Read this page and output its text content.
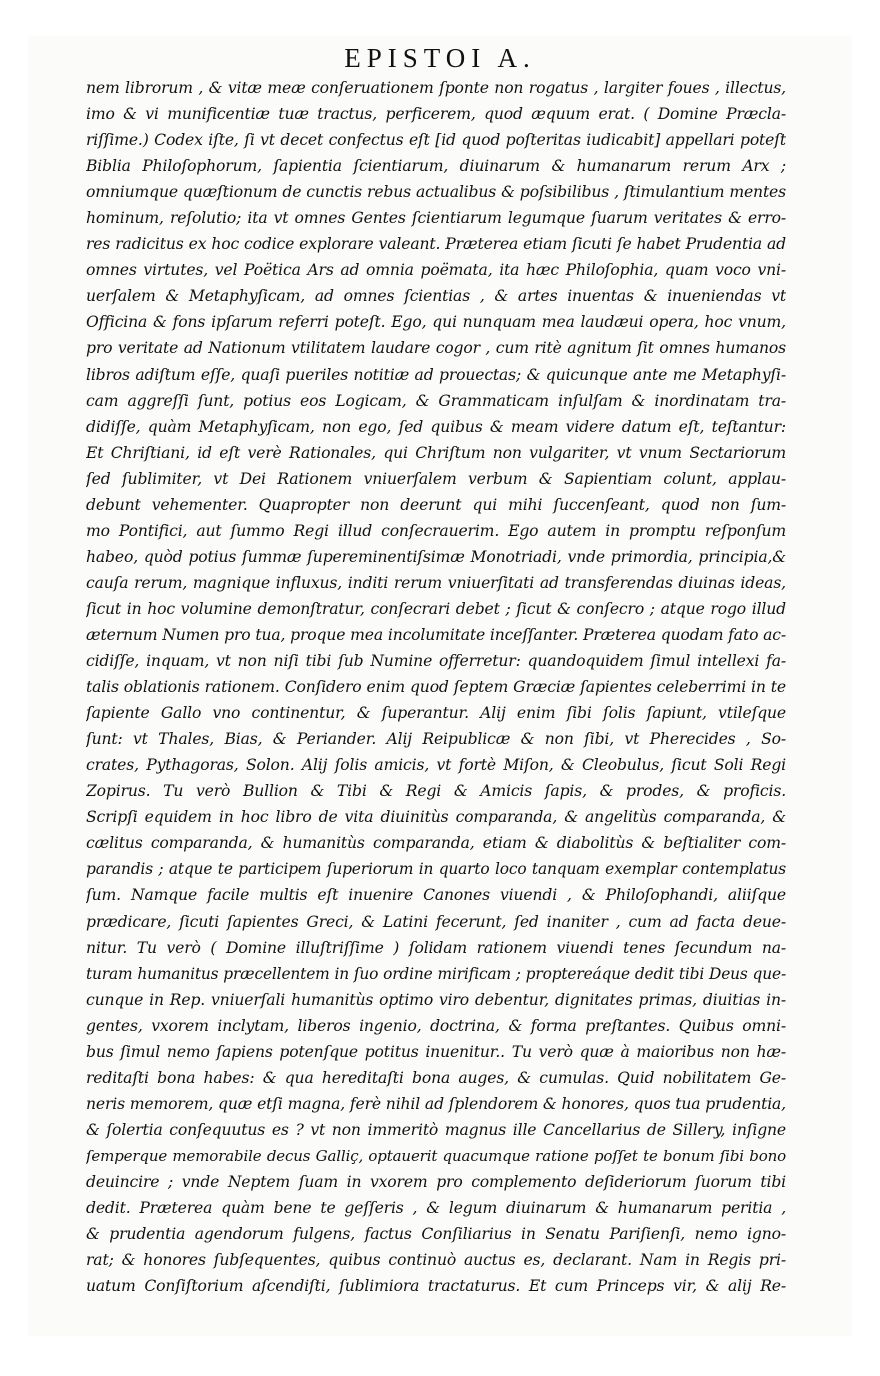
EPISTOI A.
nem librorum , & vitæ meæ conſeruationem ſponte non rogatus , largiter foues , illectus,
imo & vi munificentiæ tuæ tractus, perficerem, quod æquum erat. ( Domine Præcla-
riſſime.) Codex iſte, ſi vt decet confectus eſt [id quod poſteritas iudicabit] appellari poteſt
Biblia Philoſophorum, ſapientia ſcientiarum, diuinarum & humanarum rerum Arx ;
omniumque quæſtionum de cunctis rebus actualibus & poſsibilibus , ſtimulantium mentes
hominum, reſolutio; ita vt omnes Gentes ſcientiarum legumque ſuarum veritates & erro-
res radicitus ex hoc codice explorare valeant. Præterea etiam ſicuti ſe habet Prudentia ad
omnes virtutes, vel Poëtica Ars ad omnia poëmata, ita hæc Philoſophia, quam voco vni-
uerſalem & Metaphyſicam, ad omnes ſcientias , & artes inuentas & inueniendas vt
Officina & fons ipſarum referri poteſt. Ego, qui nunquam mea laudæui opera, hoc vnum,
pro veritate ad Nationum vtilitatem laudare cogor , cum ritè agnitum ſit omnes humanos
libros adiſtum eſſe, quaſi pueriles notitiæ ad prouectas; & quicunque ante me Metaphyſi-
cam aggreſſi ſunt, potius eos Logicam, & Grammaticam inſulſam & inordinatam tra-
didiſſe, quàm Metaphyſicam, non ego, ſed quibus & meam videre datum eſt, teſtantur:
Et Chriſtiani, id eſt verè Rationales, qui Chriſtum non vulgariter, vt vnum Sectariorum
ſed ſublimiter, vt Dei Rationem vniuerſalem verbum & Sapientiam colunt, applau-
debunt vehementer. Quapropter non deerunt qui mihi ſuccenſeant, quod non ſum-
mo Pontifici, aut ſummo Regi illud conſecrauerim. Ego autem in promptu reſponſum
habeo, quòd potius ſummæ ſupereminentiſsimæ Monotriadi, vnde primordia, principia,&
cauſa rerum, magnique influxus, inditi rerum vniuerſitati ad transferendas diuinas ideas,
ſicut in hoc volumine demonſtratur, conſecrari debet ; ſicut & conſecro ; atque rogo illud
æternum Numen pro tua, proque mea incolumitate inceſſanter. Præterea quodam fato ac-
cidiſſe, inquam, vt non niſi tibi ſub Numine offerretur: quandoquidem ſimul intellexi fa-
talis oblationis rationem. Conſidero enim quod ſeptem Græciæ ſapientes celeberrimi in te
ſapiente Gallo vno continentur, & ſuperantur. Alij enim ſibi ſolis ſapiunt, vtileſque
ſunt: vt Thales, Bias, & Periander. Alij Reipublicæ & non ſibi, vt Pherecides , So-
crates, Pythagoras, Solon. Alij ſolis amicis, vt fortè Miſon, & Cleobulus, ſicut Soli Regi
Zopirus. Tu verò Bullion & Tibi & Regi & Amicis ſapis, & prodes, & proficis.
Scripſi equidem in hoc libro de vita diuinitùs comparanda, & angelitùs comparanda, &
cælitus comparanda, & humanitùs comparanda, etiam & diabolitùs & beſtialiter com-
parandis ; atque te participem ſuperiorum in quarto loco tanquam exemplar contemplatus
ſum. Namque facile multis eſt inuenire Canones viuendi , & Philoſophandi, aliiſque
prædicare, ſicuti ſapientes Greci, & Latini fecerunt, ſed inaniter , cum ad facta deue-
nitur. Tu verò ( Domine illuſtriſſime ) ſolidam rationem viuendi tenes ſecundum na-
turam humanitus præcellentem in ſuo ordine mirificam ; proptereáque dedit tibi Deus que-
cunque in Rep. vniuerſali humanitùs optimo viro debentur, dignitates primas, diuitias in-
gentes, vxorem inclytam, liberos ingenio, doctrina, & forma preſtantes. Quibus omni-
bus ſimul nemo ſapiens potenſque potitus inuenitur.. Tu verò quæ à maioribus non hæ-
reditaſti bona habes: & qua hereditaſti bona auges, & cumulas. Quid nobilitatem Ge-
neris memorem, quæ etſi magna, ferè nihil ad ſplendorem & honores, quos tua prudentia,
& ſolertia conſequutus es ? vt non immeritò magnus ille Cancellarius de Sillery, inſigne
ſemperque memorabile decus Galliç, optauerit quacumque ratione poſſet te bonum ſibi bono
deuincire ; vnde Neptem ſuam in vxorem pro complemento deſideriorum ſuorum tibi
dedit. Præterea quàm bene te geſſeris , & legum diuinarum & humanarum peritia ,
& prudentia agendorum fulgens, factus Conſiliarius in Senatu Pariſienſi, nemo igno-
rat; & honores ſubſequentes, quibus continuò auctus es, declarant. Nam in Regis pri-
uatum Conſiſtorium aſcendiſti, ſublimiora tractaturus. Et cum Princeps vir, & alij Re-
